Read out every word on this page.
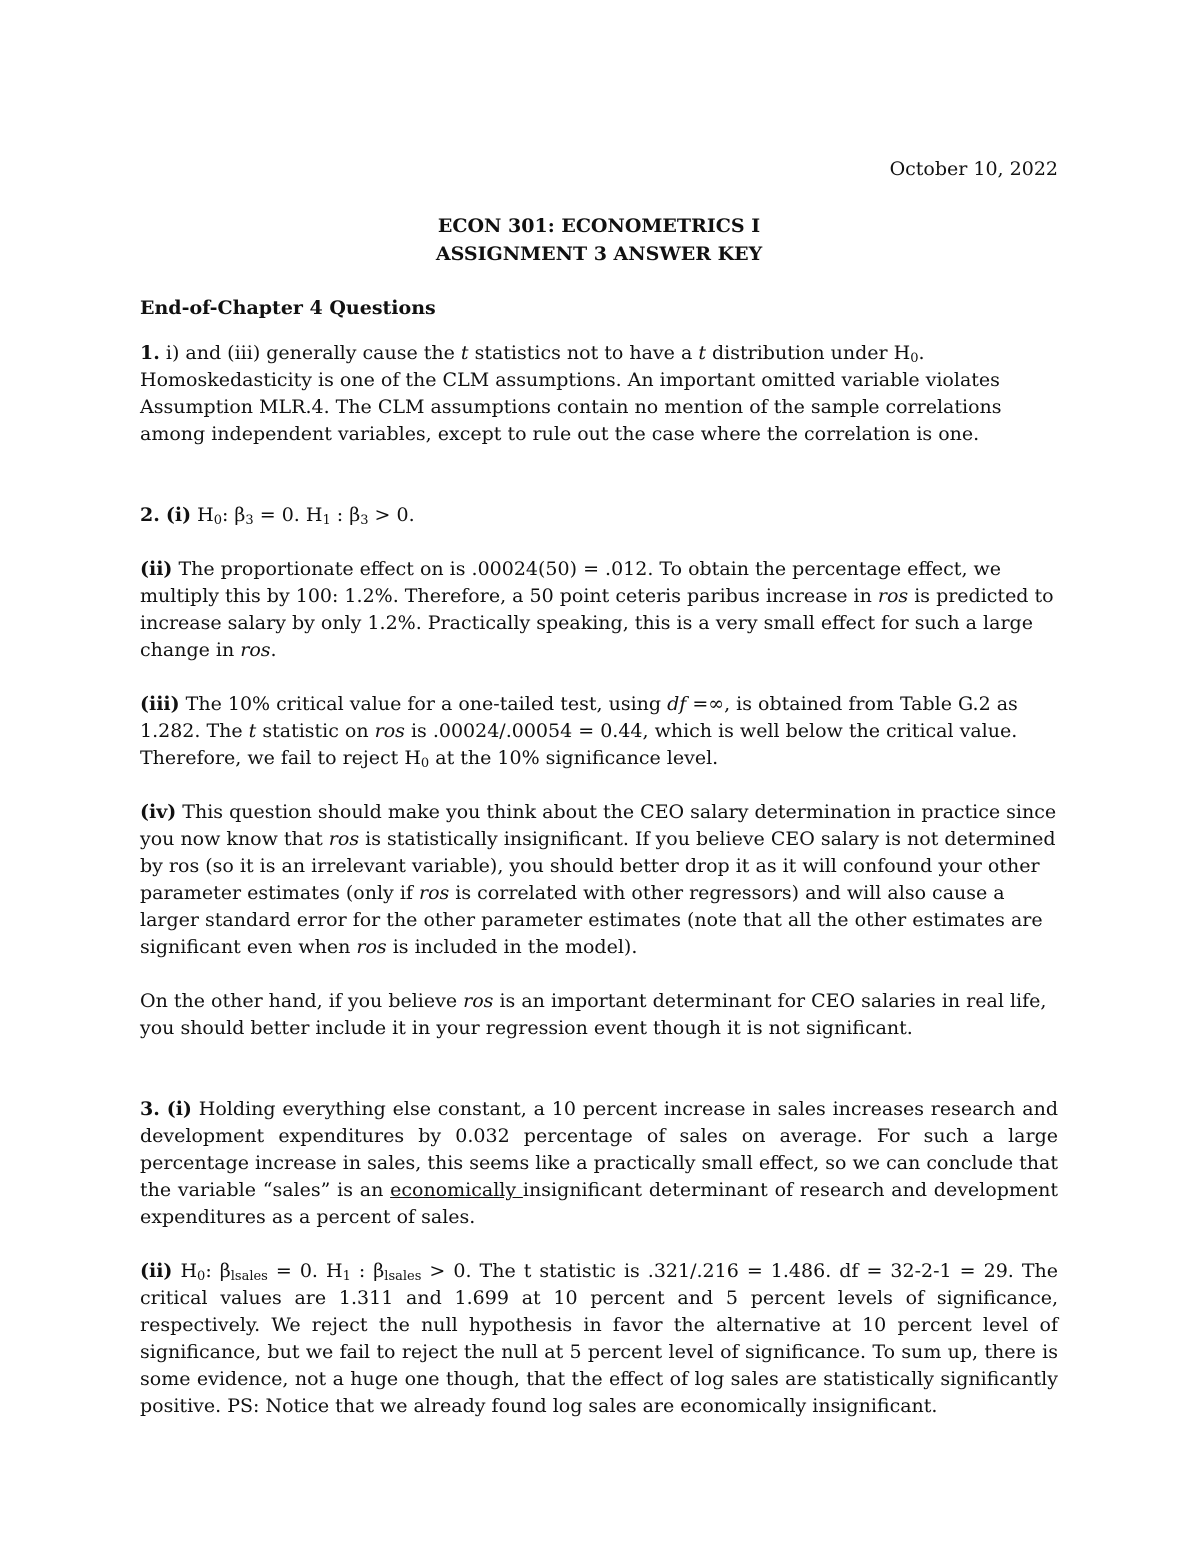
October 10, 2022

ECON 301: ECONOMETRICS I
ASSIGNMENT 3 ANSWER KEY

End-of-Chapter 4 Questions

1. i) and (iii) generally cause the t statistics not to have a t distribution under $H_0$. Homoskedasticity is one of the CLM assumptions. An important omitted variable violates Assumption MLR.4. The CLM assumptions contain no mention of the sample correlations among independent variables, except to rule out the case where the correlation is one.

2. (i) $H_0$: $\beta_3 = 0$. $H_1$ : $\beta_3 > 0$.

(ii) The proportionate effect on is .00024(50) = .012. To obtain the percentage effect, we multiply this by 100: 1.2%. Therefore, a 50 point ceteris paribus increase in ros is predicted to increase salary by only 1.2%. Practically speaking, this is a very small effect for such a large change in ros.

(iii) The 10% critical value for a one-tailed test, using df =∞, is obtained from Table G.2 as 1.282. The t statistic on ros is .00024/.00054 = 0.44, which is well below the critical value. Therefore, we fail to reject $H_0$ at the 10% significance level.

(iv) This question should make you think about the CEO salary determination in practice since you now know that ros is statistically insignificant. If you believe CEO salary is not determined by ros (so it is an irrelevant variable), you should better drop it as it will confound your other parameter estimates (only if ros is correlated with other regressors) and will also cause a larger standard error for the other parameter estimates (note that all the other estimates are significant even when ros is included in the model).

On the other hand, if you believe ros is an important determinant for CEO salaries in real life, you should better include it in your regression event though it is not significant.

3. (i) Holding everything else constant, a 10 percent increase in sales increases research and development expenditures by 0.032 percentage of sales on average. For such a large percentage increase in sales, this seems like a practically small effect, so we can conclude that the variable “sales” is an economically insignificant determinant of research and development expenditures as a percent of sales.

(ii) $H_0$: $\beta_{lsales} = 0$. $H_1$ : $\beta_{lsales} > 0$. The t statistic is .321/.216 = 1.486. df = 32-2-1 = 29. The critical values are 1.311 and 1.699 at 10 percent and 5 percent levels of significance, respectively. We reject the null hypothesis in favor the alternative at 10 percent level of significance, but we fail to reject the null at 5 percent level of significance. To sum up, there is some evidence, not a huge one though, that the effect of log sales are statistically significantly positive. PS: Notice that we already found log sales are economically insignificant.
